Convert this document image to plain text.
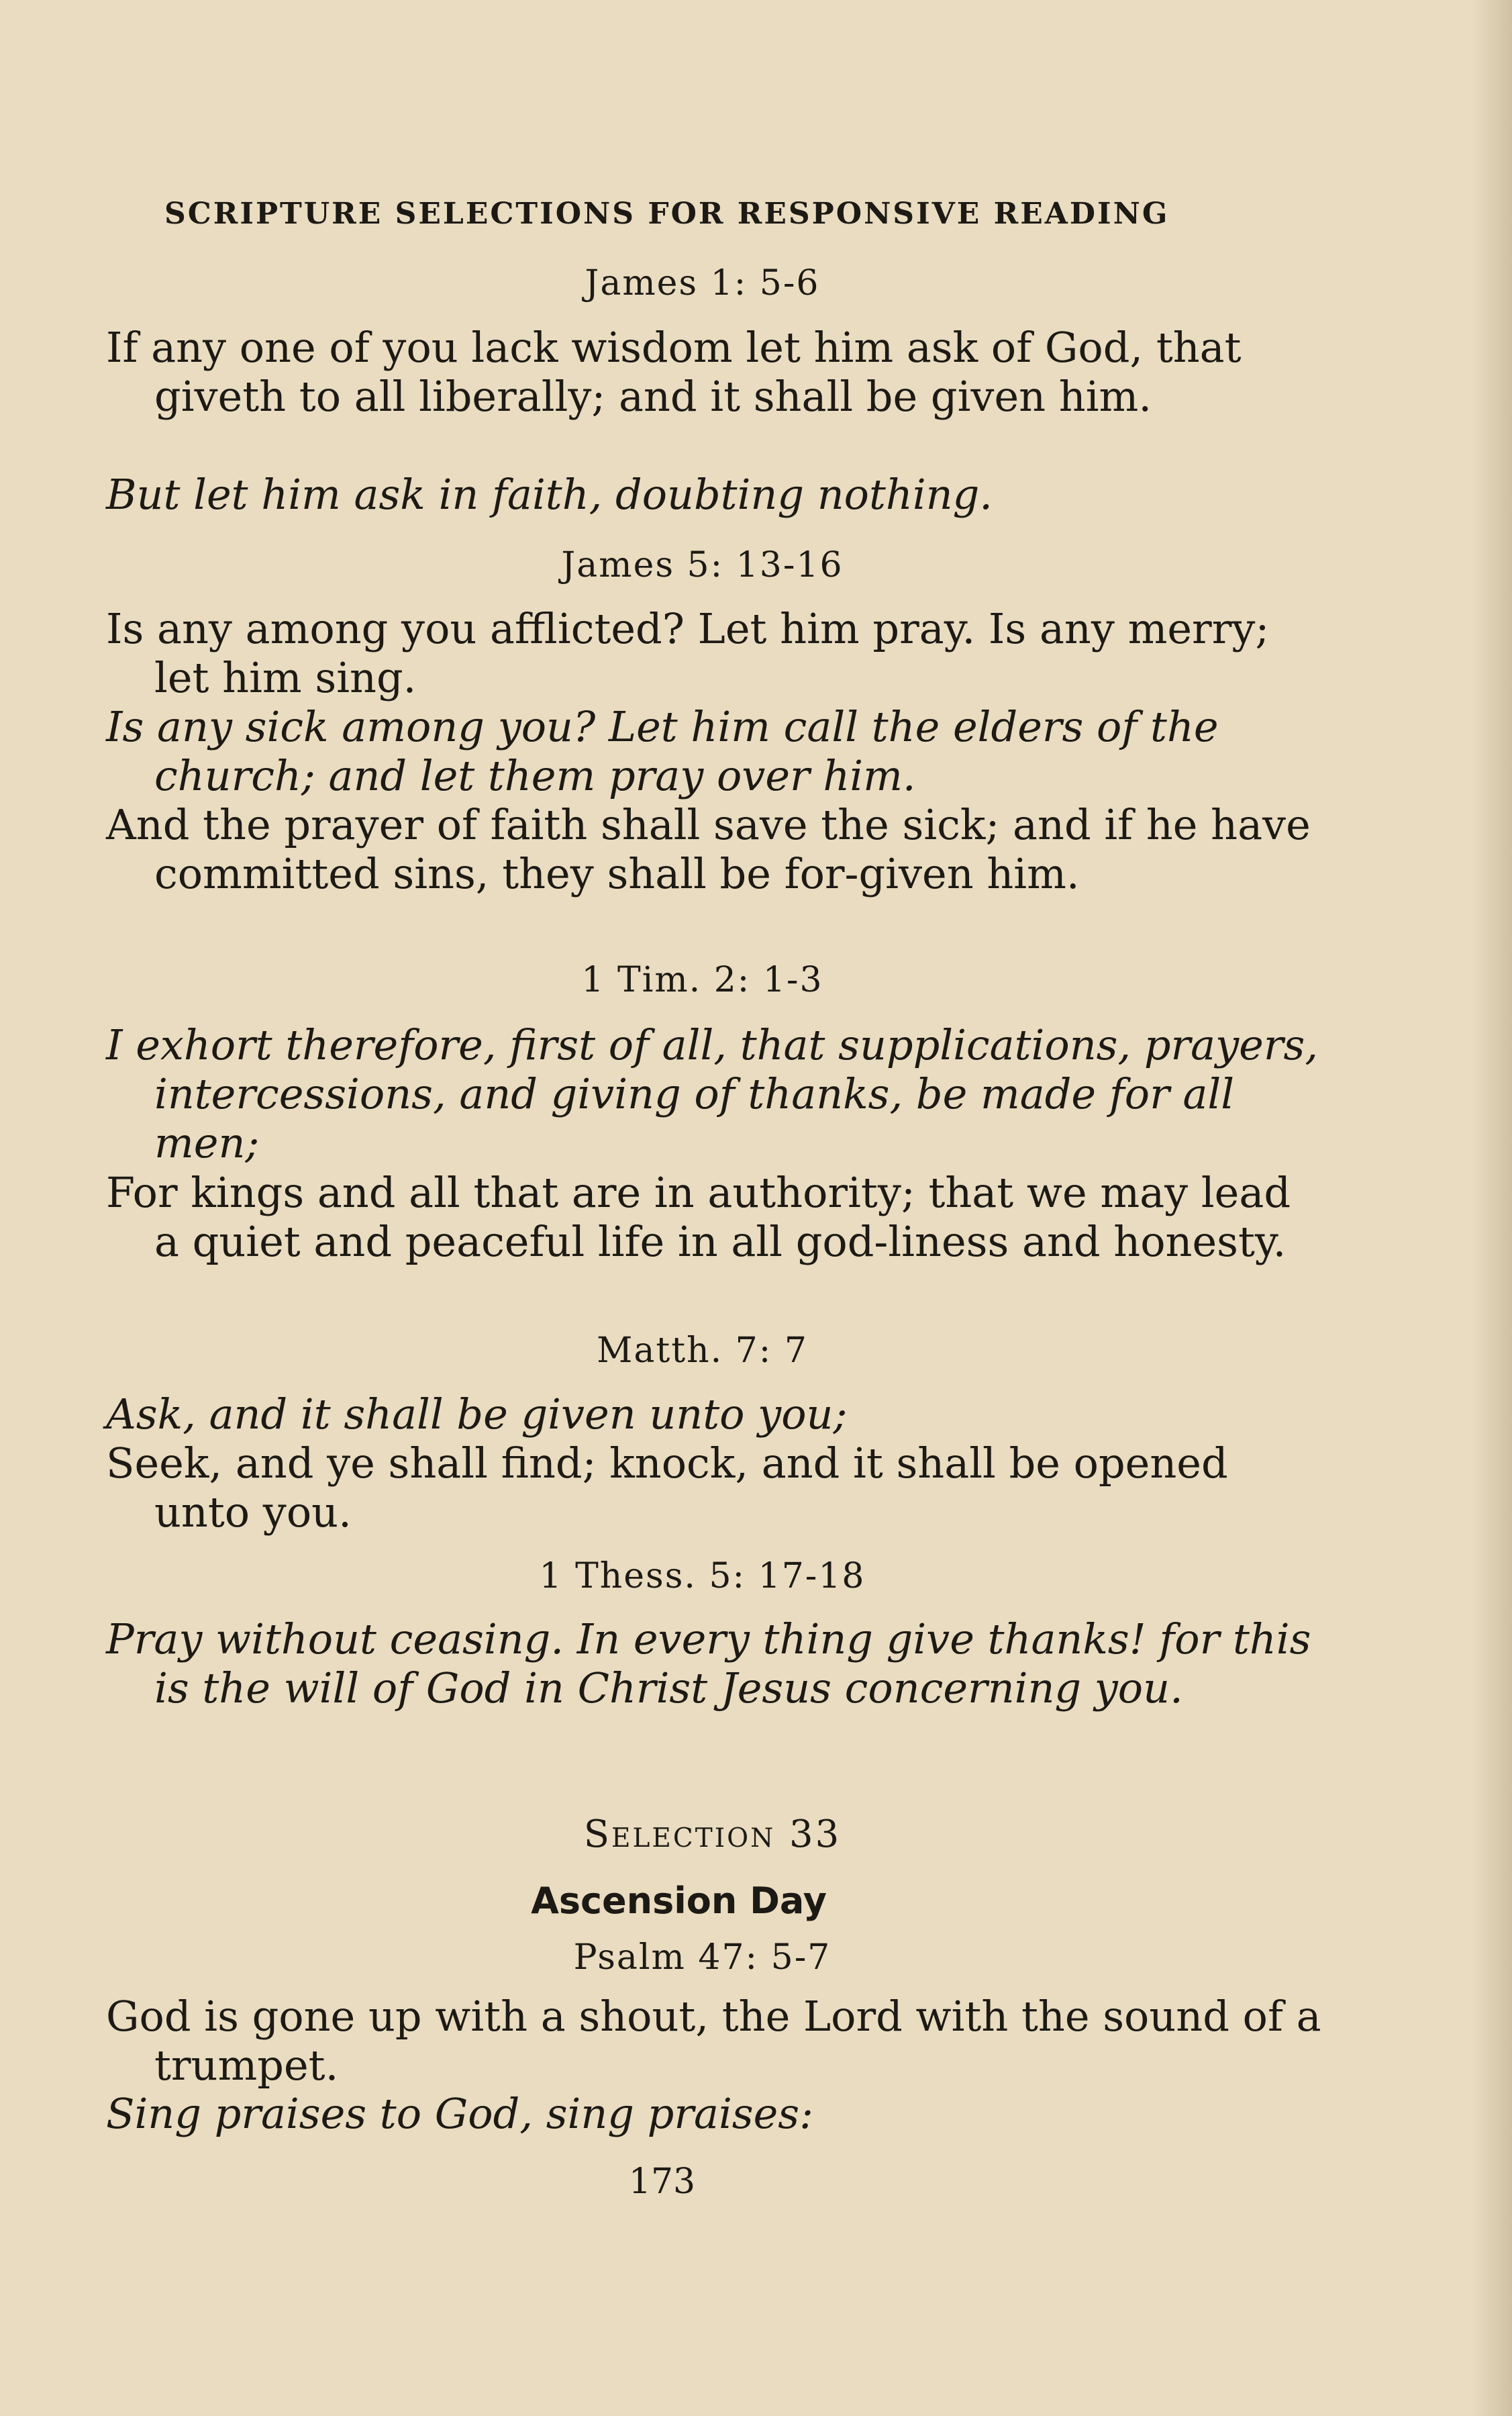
SCRIPTURE SELECTIONS FOR RESPONSIVE READING
James 1: 5-6
If any one of you lack wisdom let him ask of God, that giveth to all liberally; and it shall be given him.
But let him ask in faith, doubting nothing.
James 5: 13-16
Is any among you afflicted? Let him pray. Is any merry; let him sing.
Is any sick among you? Let him call the elders of the church; and let them pray over him.
And the prayer of faith shall save the sick; and if he have committed sins, they shall be for-given him.
1 Tim. 2: 1-3
I exhort therefore, first of all, that supplications, prayers, intercessions, and giving of thanks, be made for all men;
For kings and all that are in authority; that we may lead a quiet and peaceful life in all god-liness and honesty.
Matth. 7: 7
Ask, and it shall be given unto you;
Seek, and ye shall find; knock, and it shall be opened unto you.
1 Thess. 5: 17-18
Pray without ceasing. In every thing give thanks! for this is the will of God in Christ Jesus concerning you.
Selection 33
Ascension Day
Psalm 47: 5-7
God is gone up with a shout, the Lord with the sound of a trumpet.
Sing praises to God, sing praises:
173
